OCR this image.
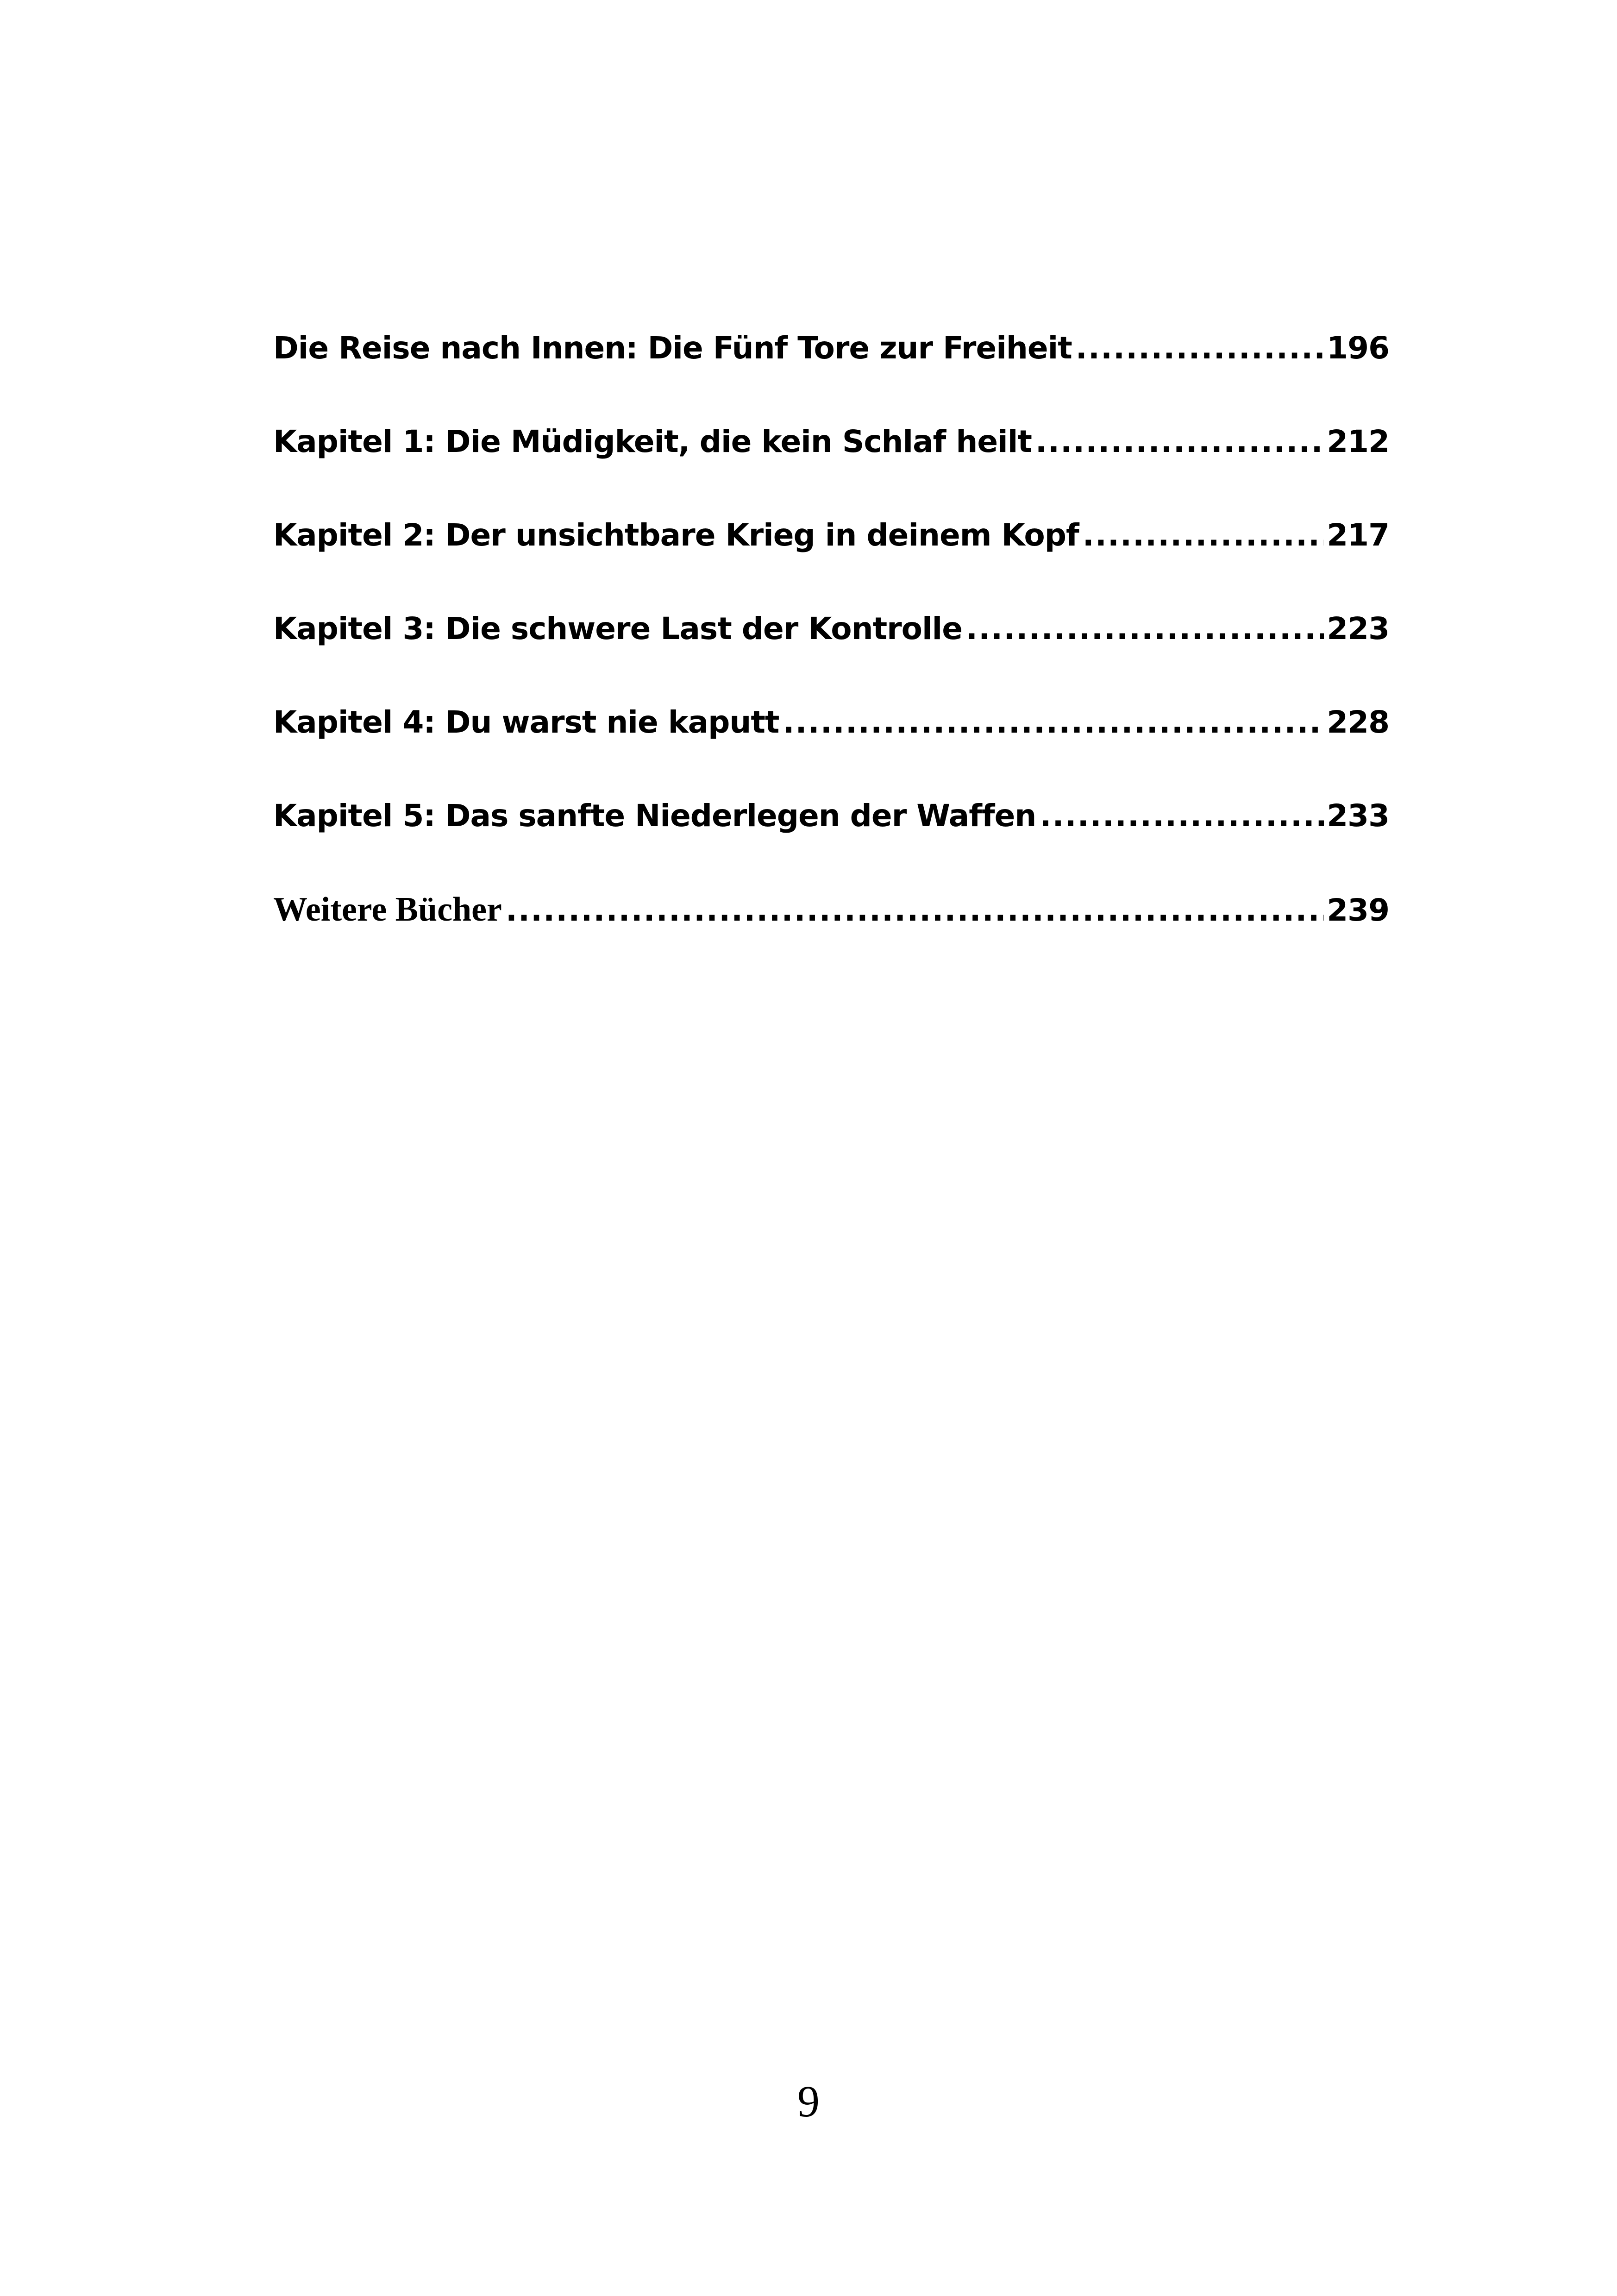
Die Reise nach Innen: Die Fünf Tore zur Freiheit .....	196
Kapitel 1: Die Müdigkeit, die kein Schlaf heilt .....	212
Kapitel 2: Der unsichtbare Krieg in deinem Kopf .....	217
Kapitel 3: Die schwere Last der Kontrolle .....	223
Kapitel 4: Du warst nie kaputt .....	228
Kapitel 5: Das sanfte Niederlegen der Waffen .....	233
Weitere Bücher .....	239
9
